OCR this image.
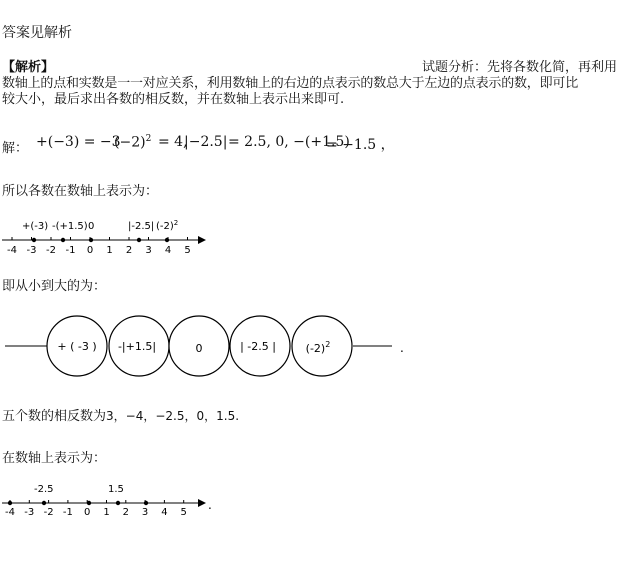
答案见解析
【解析】	试题分析：先将各数化简，再利用
数轴上的点和实数是一一对应关系，利用数轴上的右边的点表示的数总大于左边的点表示的数，即可比
较大小，最后求出各数的相反数，并在数轴上表示出来即可.
解： +(−3) = −3
$(-2)^2 = 4$,
|−2.5| = 2.5, 0, −(+1.5)
= −1.5 ，
所以各数在数轴上表示为：
-4 -3 -2 -1 0 1 2 3 4 5
+(-3) -(+1.5) 0	|-2.5| $(-2)^2$
即从小到大的为：
+ ( -3 ) -|+1.5|	0	| -2.5 |	$(-2)^2$	.
五个数的相反数为3，−4，−2.5，0，1.5.
在数轴上表示为：
-4 -3 -2 -1 0 1 2 3 4 5
-2.5	1.5
.
